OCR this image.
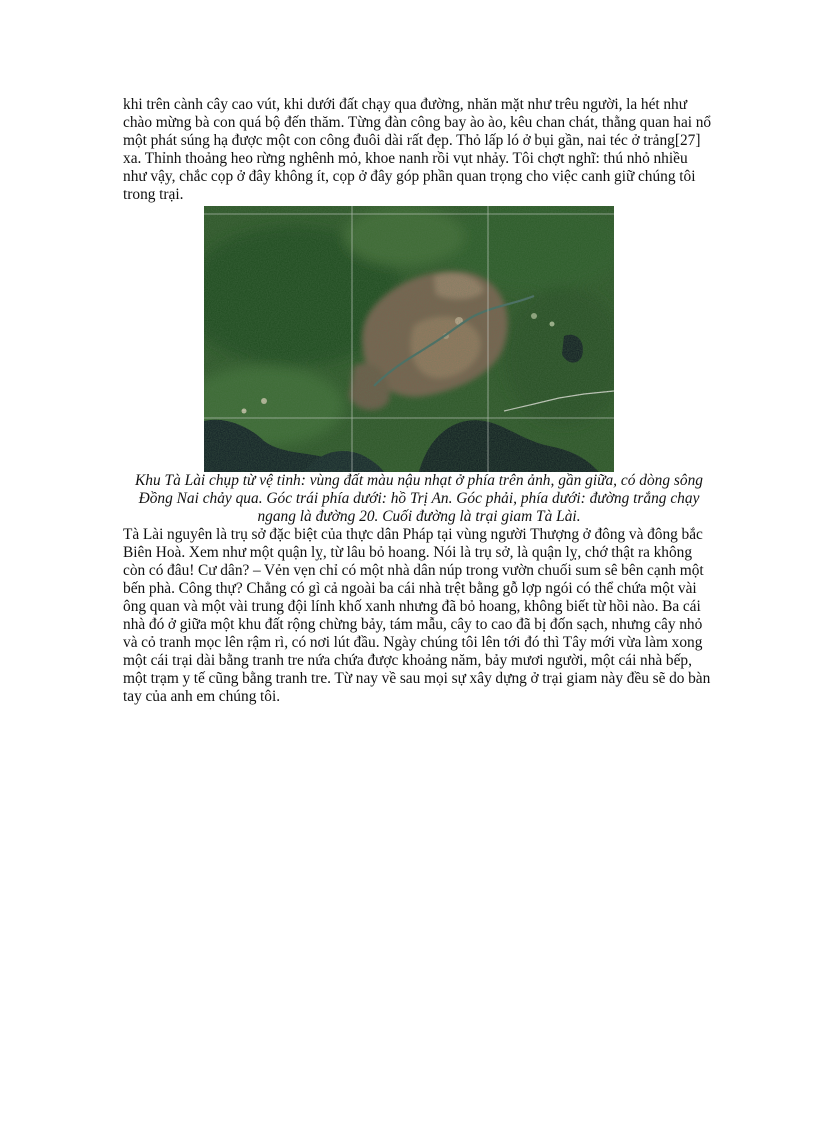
khi trên cành cây cao vút, khi dưới đất chạy qua đường, nhăn mặt như trêu người, la hét như chào mừng bà con quá bộ đến thăm. Từng đàn công bay ào ào, kêu chan chát, thằng quan hai nổ một phát súng hạ được một con công đuôi dài rất đẹp. Thỏ lấp ló ở bụi gần, nai téc ở trảng[27] xa. Thỉnh thoảng heo rừng nghênh mỏ, khoe nanh rồi vụt nhảy. Tôi chợt nghĩ: thú nhỏ nhiều như vậy, chắc cọp ở đây không ít, cọp ở đây góp phần quan trọng cho việc canh giữ chúng tôi trong trại.

Khu Tà Lài chụp từ vệ tinh: vùng đất màu nậu nhạt ở phía trên ảnh, gần giữa, có dòng sông Đồng Nai chảy qua. Góc trái phía dưới: hồ Trị An. Góc phải, phía dưới: đường trắng chạy ngang là đường 20. Cuối đường là trại giam Tà Lài.

Tà Lài nguyên là trụ sở đặc biệt của thực dân Pháp tại vùng người Thượng ở đông và đông bắc Biên Hoà. Xem như một quận lỵ, từ lâu bỏ hoang. Nói là trụ sở, là quận lỵ, chớ thật ra không còn có đâu! Cư dân? – Vẻn vẹn chỉ có một nhà dân núp trong vườn chuối sum sê bên cạnh một bến phà. Công thự? Chẳng có gì cả ngoài ba cái nhà trệt bằng gỗ lợp ngói có thể chứa một vài ông quan và một vài trung đội lính khố xanh nhưng đã bỏ hoang, không biết từ hồi nào. Ba cái nhà đó ở giữa một khu đất rộng chừng bảy, tám mẫu, cây to cao đã bị đốn sạch, nhưng cây nhỏ và cỏ tranh mọc lên rậm rì, có nơi lút đầu. Ngày chúng tôi lên tới đó thì Tây mới vừa làm xong một cái trại dài bằng tranh tre nứa chứa được khoảng năm, bảy mươi người, một cái nhà bếp, một trạm y tế cũng bằng tranh tre. Từ nay về sau mọi sự xây dựng ở trại giam này đều sẽ do bàn tay của anh em chúng tôi.
